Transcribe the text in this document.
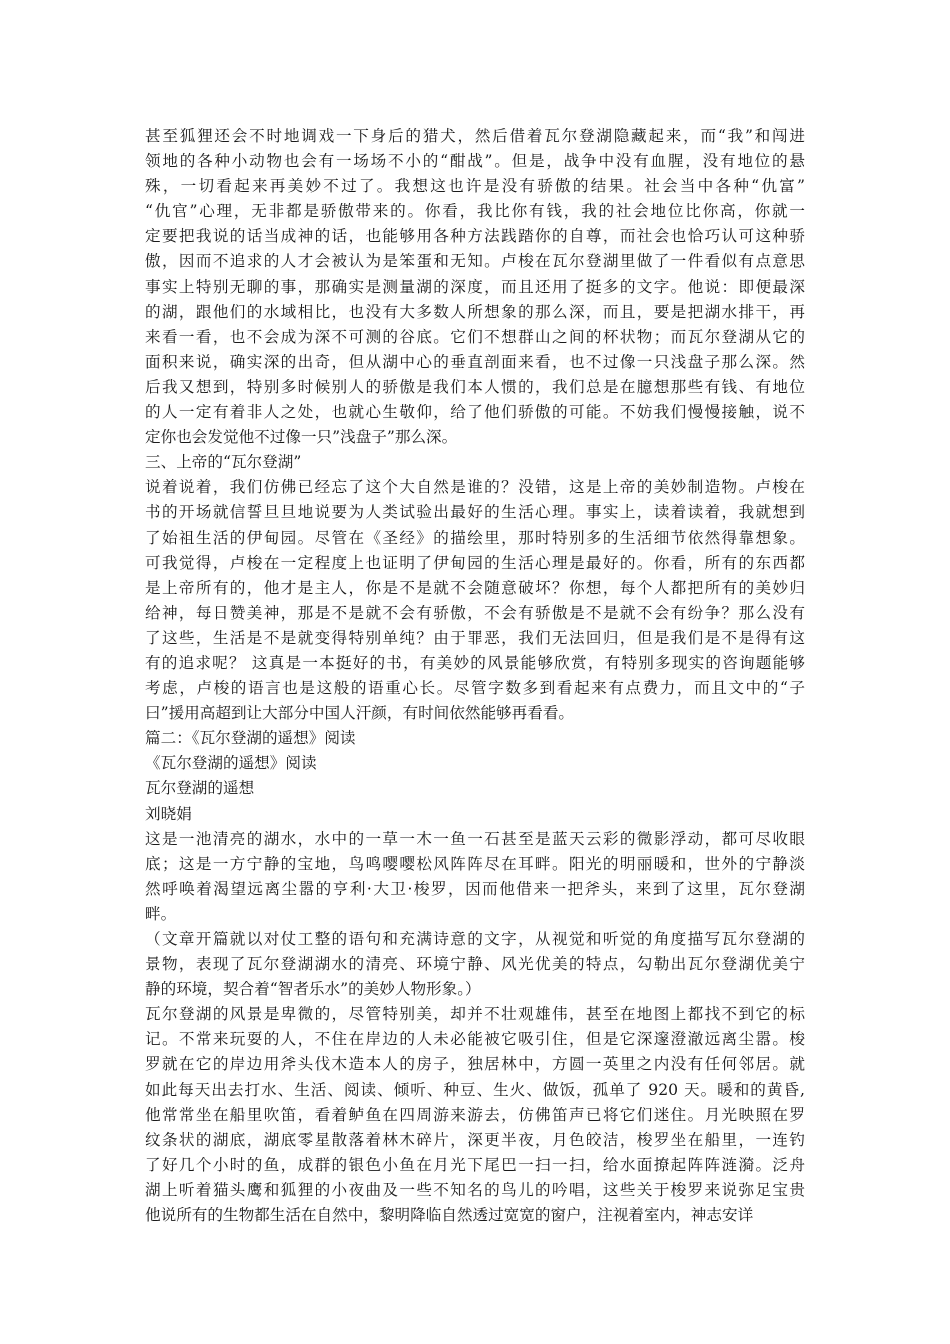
甚至狐狸还会不时地调戏一下身后的猎犬，然后借着瓦尔登湖隐藏起来，而“我”和闯进
领地的各种小动物也会有一场场不小的“酣战”。但是，战争中没有血腥，没有地位的悬
殊，一切看起来再美妙不过了。我想这也许是没有骄傲的结果。社会当中各种“仇富”
“仇官”心理，无非都是骄傲带来的。你看，我比你有钱，我的社会地位比你高，你就一
定要把我说的话当成神的话，也能够用各种方法践踏你的自尊，而社会也恰巧认可这种骄
傲，因而不追求的人才会被认为是笨蛋和无知。卢梭在瓦尔登湖里做了一件看似有点意思
事实上特别无聊的事，那确实是测量湖的深度，而且还用了挺多的文字。他说：即便最深
的湖，跟他们的水域相比，也没有大多数人所想象的那么深，而且，要是把湖水排干，再
来看一看，也不会成为深不可测的谷底。它们不想群山之间的杯状物；而瓦尔登湖从它的
面积来说，确实深的出奇，但从湖中心的垂直剖面来看，也不过像一只浅盘子那么深。然
后我又想到，特别多时候别人的骄傲是我们本人惯的，我们总是在臆想那些有钱、有地位
的人一定有着非人之处，也就心生敬仰，给了他们骄傲的可能。不妨我们慢慢接触，说不
定你也会发觉他不过像一只”浅盘子”那么深。
三、上帝的“瓦尔登湖”
说着说着，我们仿佛已经忘了这个大自然是谁的？没错，这是上帝的美妙制造物。卢梭在
书的开场就信誓旦旦地说要为人类试验出最好的生活心理。事实上，读着读着，我就想到
了始祖生活的伊甸园。尽管在《圣经》的描绘里，那时特别多的生活细节依然得靠想象。
可我觉得，卢梭在一定程度上也证明了伊甸园的生活心理是最好的。你看，所有的东西都
是上帝所有的，他才是主人，你是不是就不会随意破坏？你想，每个人都把所有的美妙归
给神，每日赞美神，那是不是就不会有骄傲，不会有骄傲是不是就不会有纷争？那么没有
了这些，生活是不是就变得特别单纯？由于罪恶，我们无法回归，但是我们是不是得有这
有的追求呢？ 这真是一本挺好的书，有美妙的风景能够欣赏，有特别多现实的咨询题能够
考虑，卢梭的语言也是这般的语重心长。尽管字数多到看起来有点费力，而且文中的“子
曰”援用高超到让大部分中国人汗颜，有时间依然能够再看看。
篇二：《瓦尔登湖的遥想》阅读
《瓦尔登湖的遥想》阅读
瓦尔登湖的遥想
刘晓娟
这是一池清亮的湖水，水中的一草一木一鱼一石甚至是蓝天云彩的微影浮动，都可尽收眼
底；这是一方宁静的宝地，鸟鸣嘤嘤松风阵阵尽在耳畔。阳光的明丽暖和，世外的宁静淡
然呼唤着渴望远离尘嚣的亨利·大卫·梭罗，因而他借来一把斧头，来到了这里，瓦尔登湖
畔。
（文章开篇就以对仗工整的语句和充满诗意的文字，从视觉和听觉的角度描写瓦尔登湖的
景物，表现了瓦尔登湖湖水的清亮、环境宁静、风光优美的特点，勾勒出瓦尔登湖优美宁
静的环境，契合着“智者乐水”的美妙人物形象。）
瓦尔登湖的风景是卑微的，尽管特别美，却并不壮观雄伟，甚至在地图上都找不到它的标
记。不常来玩耍的人，不住在岸边的人未必能被它吸引住，但是它深邃澄澈远离尘嚣。梭
罗就在它的岸边用斧头伐木造本人的房子，独居林中，方圆一英里之内没有任何邻居。就
如此每天出去打水、生活、阅读、倾听、种豆、生火、做饭，孤单了 920 天。暖和的黄昏,
他常常坐在船里吹笛，看着鲈鱼在四周游来游去，仿佛笛声已将它们迷住。月光映照在罗
纹条状的湖底，湖底零星散落着林木碎片，深更半夜，月色皎洁，梭罗坐在船里，一连钓
了好几个小时的鱼，成群的银色小鱼在月光下尾巴一扫一扫，给水面撩起阵阵涟漪。泛舟
湖上听着猫头鹰和狐狸的小夜曲及一些不知名的鸟儿的吟唱，这些关于梭罗来说弥足宝贵
他说所有的生物都生活在自然中，黎明降临自然透过宽宽的窗户，注视着室内，神志安详
